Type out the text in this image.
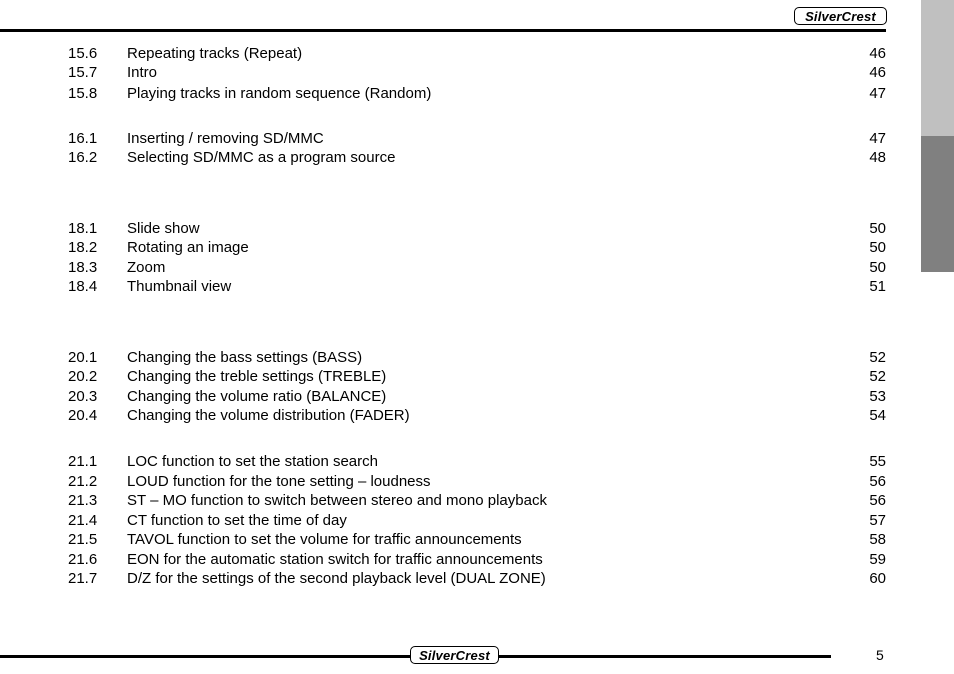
SilverCrest
15.6 Repeating tracks (Repeat)	46
15.7 Intro	46
15.8 Playing tracks in random sequence (Random)	47
16.1 Inserting / removing SD/MMC	47
16.2 Selecting SD/MMC as a program source	48
18.1 Slide show	50
18.2 Rotating an image	50
18.3 Zoom	50
18.4 Thumbnail view	51
20.1 Changing the bass settings (BASS)	52
20.2 Changing the treble settings (TREBLE)	52
20.3 Changing the volume ratio (BALANCE)	53
20.4 Changing the volume distribution (FADER)	54
21.1 LOC function to set the station search	55
21.2 LOUD function for the tone setting – loudness	56
21.3 ST – MO function to switch between stereo and mono playback	56
21.4 CT function to set the time of day	57
21.5 TAVOL function to set the volume for traffic announcements	58
21.6 EON for the automatic station switch for traffic announcements	59
21.7 D/Z for the settings of the second playback level (DUAL ZONE)	60
SilverCrest	5
